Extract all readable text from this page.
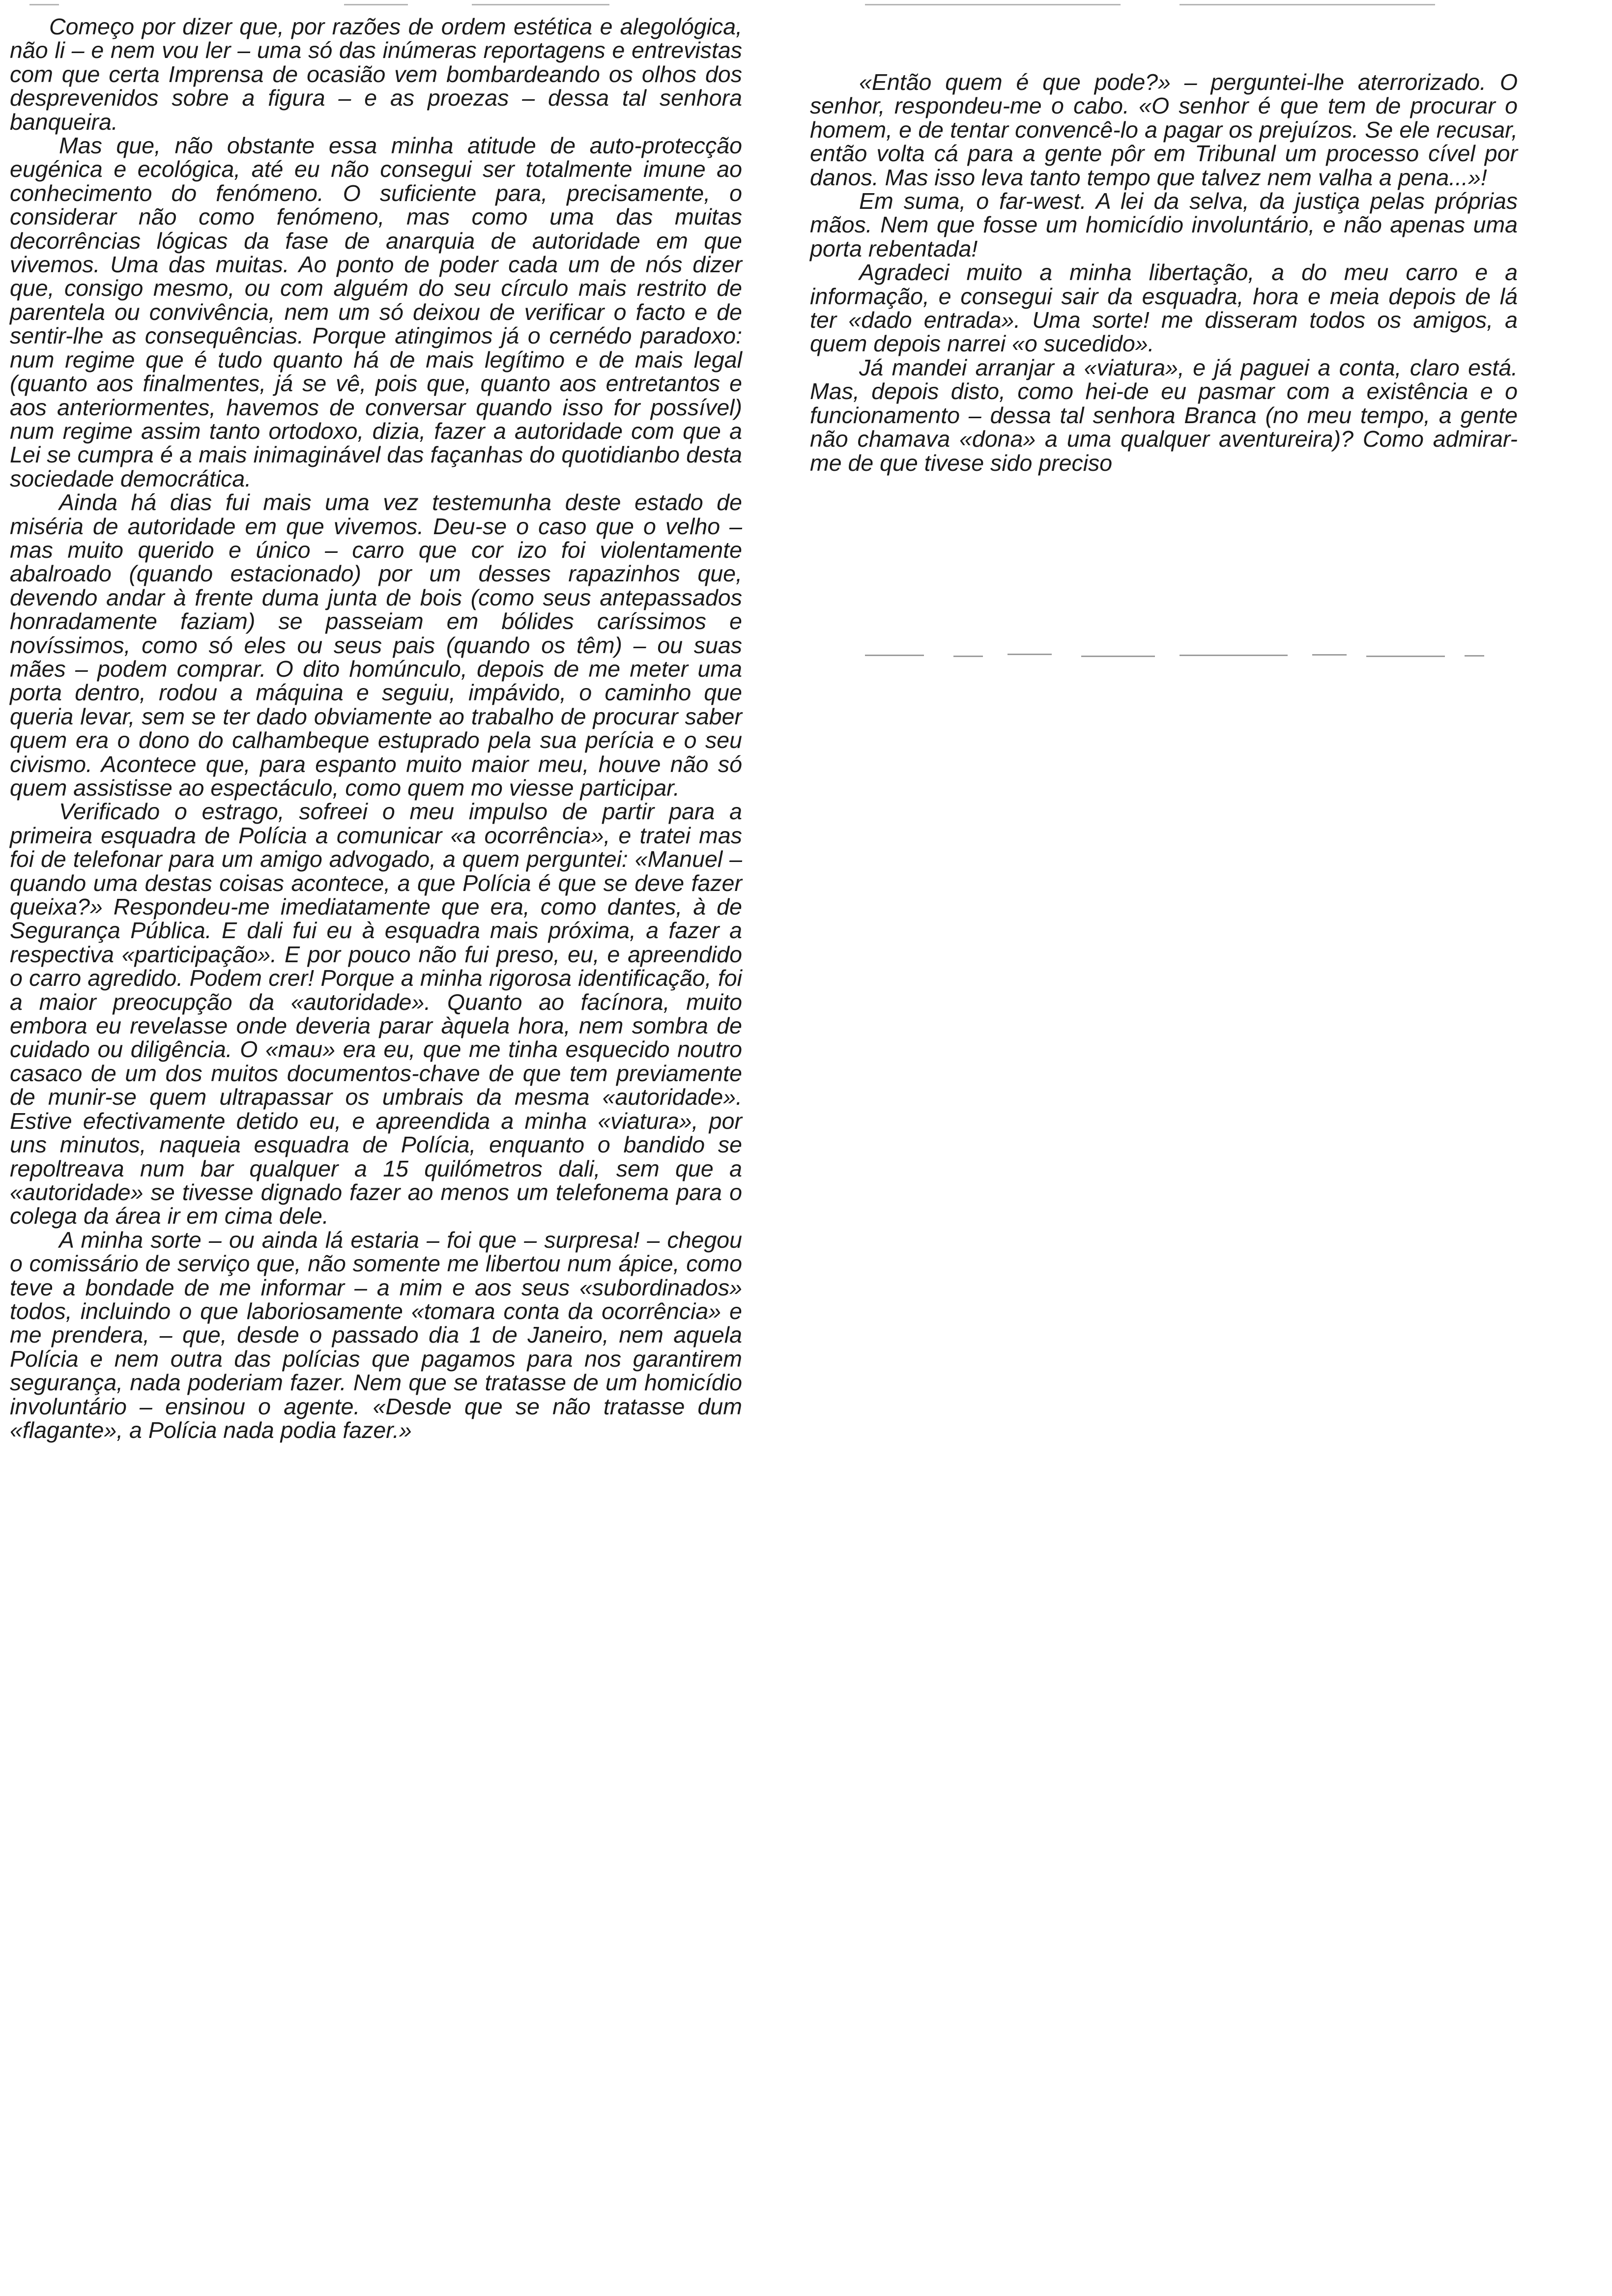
Começo por dizer que, por razões de ordem estética e alegológica, não li – e nem vou ler – uma só das inúmeras reportagens e entrevistas com que certa Imprensa de ocasião vem bombardeando os olhos dos desprevenidos sobre a figura – e as proezas – dessa tal senhora banqueira.

Mas que, não obstante essa minha atitude de auto-protecção eugénica e ecológica, até eu não consegui ser totalmente imune ao conhecimento do fenómeno. O suficiente para, precisamente, o considerar não como fenómeno, mas como uma das muitas decorrências lógicas da fase de anarquia de autoridade em que vivemos. Uma das muitas. Ao ponto de poder cada um de nós dizer que, consigo mesmo, ou com alguém do seu círculo mais restrito de parentela ou convivência, nem um só deixou de verificar o facto e de sentir-lhe as consequências. Porque atingimos já o cernédo paradoxo: num regime que é tudo quanto há de mais legítimo e de mais legal (quanto aos finalmentes, já se vê, pois que, quanto aos entretantos e aos anteriormentes, havemos de conversar quando isso for possível) num regime assim tanto ortodoxo, dizia, fazer a autoridade com que a Lei se cumpra é a mais inimaginável das façanhas do quotidianbo desta sociedade democrática.

Ainda há dias fui mais uma vez testemunha deste estado de miséria de autoridade em que vivemos. Deu-se o caso que o velho – mas muito querido e único – carro que cor izo foi violentamente abalroado (quando estacionado) por um desses rapazinhos que, devendo andar à frente duma junta de bois (como seus antepassados honradamente faziam) se passeiam em bólides caríssimos e novíssimos, como só eles ou seus pais (quando os têm) – ou suas mães – podem comprar. O dito homúnculo, depois de me meter uma porta dentro, rodou a máquina e seguiu, impávido, o caminho que queria levar, sem se ter dado obviamente ao trabalho de procurar saber quem era o dono do calhambeque estuprado pela sua perícia e o seu civismo. Acontece que, para espanto muito maior meu, houve não só quem assistisse ao espectáculo, como quem mo viesse participar.

Verificado o estrago, sofreei o meu impulso de partir para a primeira esquadra de Polícia a comunicar «a ocorrência», e tratei mas foi de telefonar para um amigo advogado, a quem perguntei: «Manuel – quando uma destas coisas acontece, a que Polícia é que se deve fazer queixa?» Respondeu-me imediatamente que era, como dantes, à de Segurança Pública. E dali fui eu à esquadra mais próxima, a fazer a respectiva «participação». E por pouco não fui preso, eu, e apreendido o carro agredido. Podem crer! Porque a minha rigorosa identificação, foi a maior preocupção da «autoridade». Quanto ao facínora, muito embora eu revelasse onde deveria parar àquela hora, nem sombra de cuidado ou diligência. O «mau» era eu, que me tinha esquecido noutro casaco de um dos muitos documentos-chave de que tem previamente de munir-se quem ultrapassar os umbrais da mesma «autoridade». Estive efectivamente detido eu, e apreendida a minha «viatura», por uns minutos, naqueia esquadra de Polícia, enquanto o bandido se repoltreava num bar qualquer a 15 quilómetros dali, sem que a «autoridade» se tivesse dignado fazer ao menos um telefonema para o colega da área ir em cima dele.

A minha sorte – ou ainda lá estaria – foi que – surpresa! – chegou o comissário de serviço que, não somente me libertou num ápice, como teve a bondade de me informar – a mim e aos seus «subordinados» todos, incluindo o que laboriosamente «tomara conta da ocorrência» e me prendera, – que, desde o passado dia 1 de Janeiro, nem aquela Polícia e nem outra das polícias que pagamos para nos garantirem segurança, nada poderiam fazer. Nem que se tratasse de um homicídio involuntário – ensinou o agente. «Desde que se não tratasse dum «flagante», a Polícia nada podia fazer.»

«Então quem é que pode?» – perguntei-lhe aterrorizado. O senhor, respondeu-me o cabo. «O senhor é que tem de procurar o homem, e de tentar convencê-lo a pagar os prejuízos. Se ele recusar, então volta cá para a gente pôr em Tribunal um processo cível por danos. Mas isso leva tanto tempo que talvez nem valha a pena...»!

Em suma, o far-west. A lei da selva, da justiça pelas próprias mãos. Nem que fosse um homicídio involuntário, e não apenas uma porta rebentada!

Agradeci muito a minha libertação, a do meu carro e a informação, e consegui sair da esquadra, hora e meia depois de lá ter «dado entrada». Uma sorte! me disseram todos os amigos, a quem depois narrei «o sucedido».

Já mandei arranjar a «viatura», e já paguei a conta, claro está. Mas, depois disto, como hei-de eu pasmar com a existência e o funcionamento – dessa tal senhora Branca (no meu tempo, a gente não chamava «dona» a uma qualquer aventureira)? Como admirar-me de que tivese sido preciso
